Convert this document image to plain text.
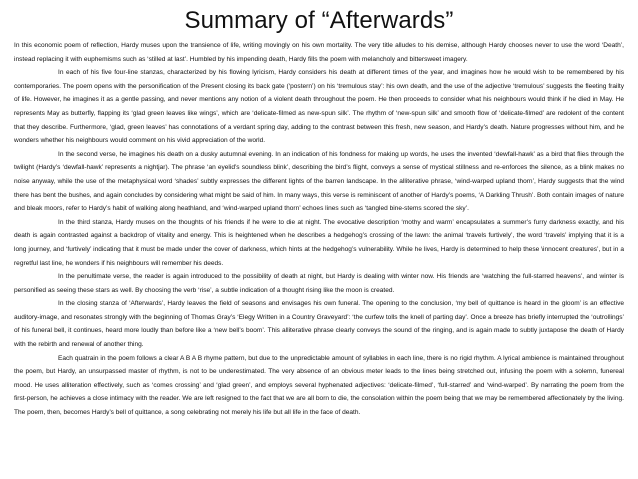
Summary of “Afterwards”

In this economic poem of reflection, Hardy muses upon the transience of life, writing movingly on his own mortality. The very title alludes to his demise, although Hardy chooses never to use the word ‘Death’, instead replacing it with euphemisms such as ‘stilled at last’. Humbled by his impending death, Hardy fills the poem with melancholy and bittersweet imagery.

In each of his five four-line stanzas, characterized by his flowing lyricism, Hardy considers his death at different times of the year, and imagines how he would wish to be remembered by his contemporaries. The poem opens with the personification of the Present closing its back gate (‘postern’) on his ‘tremulous stay’: his own death, and the use of the adjective ‘tremulous’ suggests the fleeting frailty of life. However, he imagines it as a gentle passing, and never mentions any notion of a violent death throughout the poem. He then proceeds to consider what his neighbours would think if he died in May. He represents May as butterfly, flapping its ‘glad green leaves like wings’, which are ‘delicate-filmed as new-spun silk’. The rhythm of ‘new-spun silk’ and smooth flow of ‘delicate-filmed’ are redolent of the content that they describe. Furthermore, ‘glad, green leaves’ has connotations of a verdant spring day, adding to the contrast between this fresh, new season, and Hardy’s death. Nature progresses without him, and he wonders whether his neighbours would comment on his vivid appreciation of the world.

In the second verse, he imagines his death on a dusky autumnal evening. In an indication of his fondness for making up words, he uses the invented ‘dewfall-hawk’ as a bird that flies through the twilight (Hardy’s ‘dewfall-hawk’ represents a nightjar). The phrase ‘an eyelid’s soundless blink’, describing the bird’s flight, conveys a sense of mystical stillness and re-enforces the silence, as a blink makes no noise anyway, while the use of the metaphysical word ‘shades’ subtly expresses the different lights of the barren landscape. In the alliterative phrase, ‘wind-warped upland thorn’, Hardy suggests that the wind there has bent the bushes, and again concludes by considering what might be said of him. In many ways, this verse is reminiscent of another of Hardy’s poems, ‘A Darkling Thrush’. Both contain images of nature and bleak moors, refer to Hardy’s habit of walking along heathland, and ‘wind-warped upland thorn’ echoes lines such as ‘tangled bine-stems scored the sky’.

In the third stanza, Hardy muses on the thoughts of his friends if he were to die at night. The evocative description ‘mothy and warm’ encapsulates a summer’s furry darkness exactly, and his death is again contrasted against a backdrop of vitality and energy. This is heightened when he describes a hedgehog’s crossing of the lawn: the animal ‘travels furtively’, the word ‘travels’ implying that it is a long journey, and ‘furtively’ indicating that it must be made under the cover of darkness, which hints at the hedgehog’s vulnerability. While he lives, Hardy is determined to help these \innocent creatures’, but in a regretful last line, he wonders if his neighbours will remember his deeds.

In the penultimate verse, the reader is again introduced to the possibility of death at night, but Hardy is dealing with winter now. His friends are ‘watching the full-starred heavens’, and winter is personified as seeing these stars as well. By choosing the verb ‘rise’, a subtle indication of a thought rising like the moon is created.

In the closing stanza of ‘Afterwards’, Hardy leaves the field of seasons and envisages his own funeral. The opening to the conclusion, ‘my bell of quittance is heard in the gloom’ is an effective auditory-image, and resonates strongly with the beginning of Thomas Gray’s ‘Elegy Written in a Country Graveyard’: ‘the curfew tolls the knell of parting day’. Once a breeze has briefly interrupted the ‘outrollings’ of his funeral bell, it continues, heard more loudly than before like a ‘new bell’s boom’. This alliterative phrase clearly conveys the sound of the ringing, and is again made to subtly juxtapose the death of Hardy with the rebirth and renewal of another thing.

Each quatrain in the poem follows a clear A B A B rhyme pattern, but due to the unpredictable amount of syllables in each line, there is no rigid rhythm. A lyrical ambience is maintained throughout the poem, but Hardy, an unsurpassed master of rhythm, is not to be underestimated. The very absence of an obvious meter leads to the lines being stretched out, infusing the poem with a solemn, funereal mood. He uses alliteration effectively, such as ‘comes crossing’ and ‘glad green’, and employs several hyphenated adjectives: ‘delicate-filmed’, ‘full-starred’ and ‘wind-warped’. By narrating the poem from the first-person, he achieves a close intimacy with the reader. We are left resigned to the fact that we are all born to die, the consolation within the poem being that we may be remembered affectionately by the living. The poem, then, becomes Hardy’s bell of quittance, a song celebrating not merely his life but all life in the face of death.
